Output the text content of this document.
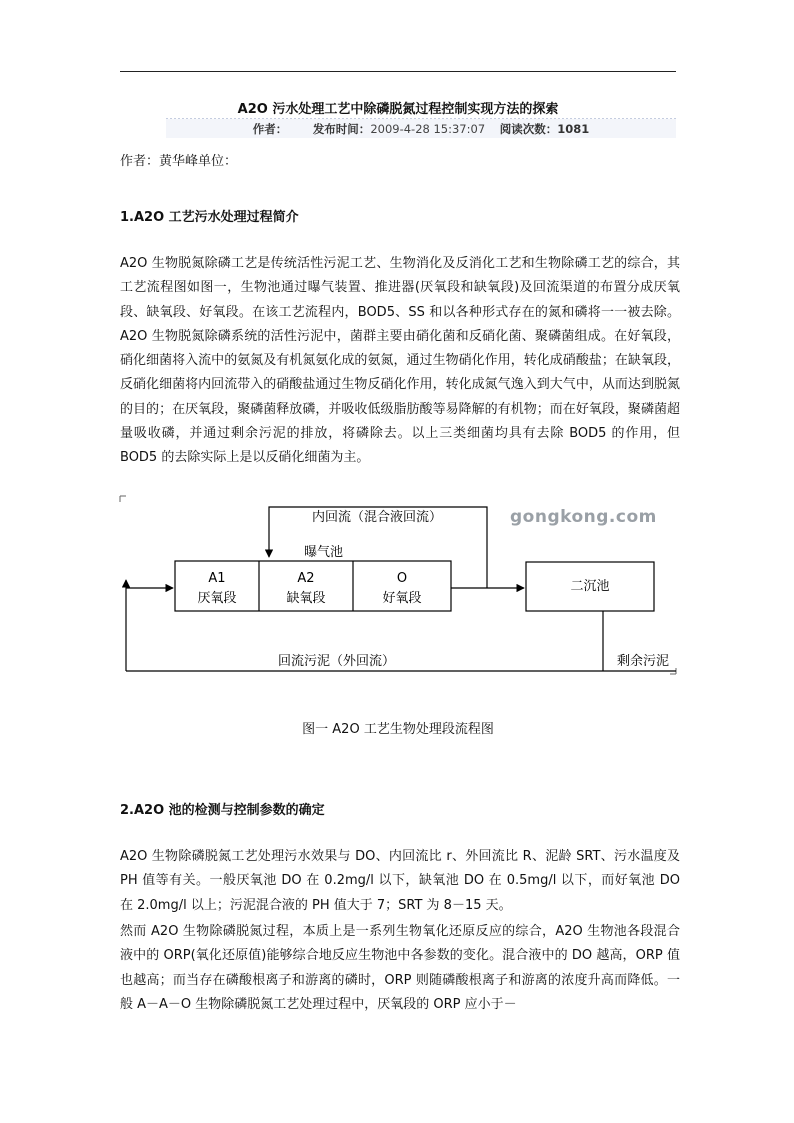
A2O 污水处理工艺中除磷脱氮过程控制实现方法的探索
作者： 发布时间：2009-4-28 15:37:07 阅读次数：1081
作者：黄华峰单位：
1.A2O 工艺污水处理过程简介
A2O 生物脱氮除磷工艺是传统活性污泥工艺、生物消化及反消化工艺和生物除磷工艺的综合，其工艺流程图如图一，生物池通过曝气装置、推进器(厌氧段和缺氧段)及回流渠道的布置分成厌氧段、缺氧段、好氧段。在该工艺流程内，BOD5、SS 和以各种形式存在的氮和磷将一一被去除。A2O 生物脱氮除磷系统的活性污泥中，菌群主要由硝化菌和反硝化菌、聚磷菌组成。在好氧段，硝化细菌将入流中的氨氮及有机氮氨化成的氨氮，通过生物硝化作用，转化成硝酸盐；在缺氧段，反硝化细菌将内回流带入的硝酸盐通过生物反硝化作用，转化成氮气逸入到大气中，从而达到脱氮的目的；在厌氧段，聚磷菌释放磷，并吸收低级脂肪酸等易降解的有机物；而在好氧段，聚磷菌超量吸收磷，并通过剩余污泥的排放，将磷除去。以上三类细菌均具有去除 BOD5 的作用，但 BOD5 的去除实际上是以反硝化细菌为主。
内回流（混合液回流）
曝气池
A1
厌氧段
A2
缺氧段
O
好氧段
二沉池
gongkong.com
回流污泥（外回流）	剩余污泥
图一 A2O 工艺生物处理段流程图
2.A2O 池的检测与控制参数的确定
A2O 生物除磷脱氮工艺处理污水效果与 DO、内回流比 r、外回流比 R、泥龄 SRT、污水温度及 PH 值等有关。一般厌氧池 DO 在 0.2mg/l 以下，缺氧池 DO 在 0.5mg/l 以下，而好氧池 DO 在 2.0mg/l 以上；污泥混合液的 PH 值大于 7；SRT 为 8－15 天。
然而 A2O 生物除磷脱氮过程，本质上是一系列生物氧化还原反应的综合，A2O 生物池各段混合液中的 ORP(氧化还原值)能够综合地反应生物池中各参数的变化。混合液中的 DO 越高，ORP 值也越高；而当存在磷酸根离子和游离的磷时，ORP 则随磷酸根离子和游离的浓度升高而降低。一般 A－A－O 生物除磷脱氮工艺处理过程中，厌氧段的 ORP 应小于－
